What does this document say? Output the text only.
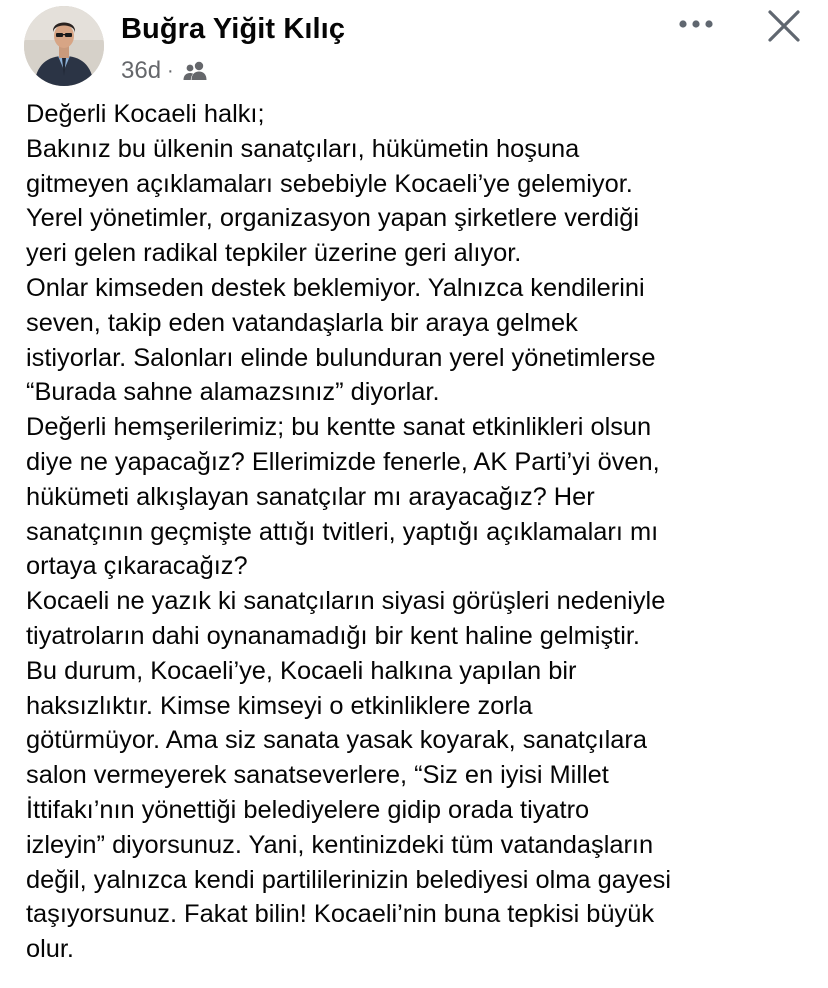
Buğra Yiğit Kılıç
36d ·
Değerli Kocaeli halkı;
Bakınız bu ülkenin sanatçıları, hükümetin hoşuna
gitmeyen açıklamaları sebebiyle Kocaeli’ye gelemiyor.
Yerel yönetimler, organizasyon yapan şirketlere verdiği
yeri gelen radikal tepkiler üzerine geri alıyor.
Onlar kimseden destek beklemiyor. Yalnızca kendilerini
seven, takip eden vatandaşlarla bir araya gelmek
istiyorlar. Salonları elinde bulunduran yerel yönetimlerse
“Burada sahne alamazsınız” diyorlar.
Değerli hemşerilerimiz; bu kentte sanat etkinlikleri olsun
diye ne yapacağız? Ellerimizde fenerle, AK Parti’yi öven,
hükümeti alkışlayan sanatçılar mı arayacağız? Her
sanatçının geçmişte attığı tvitleri, yaptığı açıklamaları mı
ortaya çıkaracağız?
Kocaeli ne yazık ki sanatçıların siyasi görüşleri nedeniyle
tiyatroların dahi oynanamadığı bir kent haline gelmiştir.
Bu durum, Kocaeli’ye, Kocaeli halkına yapılan bir
haksızlıktır. Kimse kimseyi o etkinliklere zorla
götürmüyor. Ama siz sanata yasak koyarak, sanatçılara
salon vermeyerek sanatseverlere, “Siz en iyisi Millet
İttifakı’nın yönettiği belediyelere gidip orada tiyatro
izleyin” diyorsunuz. Yani, kentinizdeki tüm vatandaşların
değil, yalnızca kendi partililerinizin belediyesi olma gayesi
taşıyorsunuz. Fakat bilin! Kocaeli’nin buna tepkisi büyük
olur.
